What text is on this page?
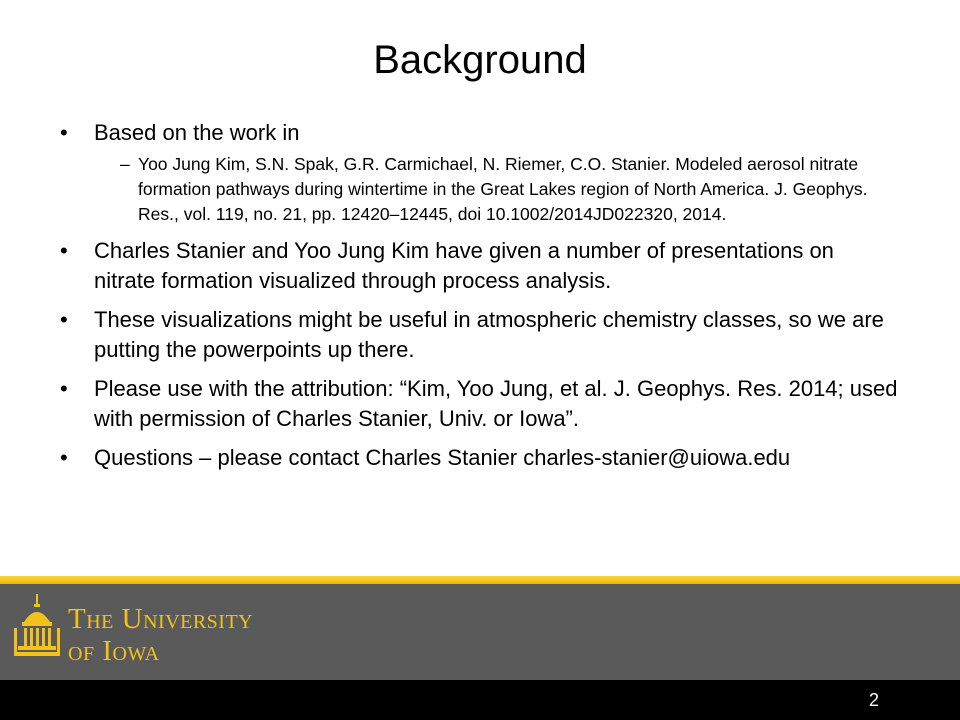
Background
•	Based on the work in
– Yoo Jung Kim, S.N. Spak, G.R. Carmichael, N. Riemer, C.O. Stanier. Modeled aerosol nitrate formation pathways during wintertime in the Great Lakes region of North America. J. Geophys. Res., vol. 119, no. 21, pp. 12420–12445, doi 10.1002/2014JD022320, 2014.
•	Charles Stanier and Yoo Jung Kim have given a number of presentations on nitrate formation visualized through process analysis.
•	These visualizations might be useful in atmospheric chemistry classes, so we are putting the powerpoints up there.
•	Please use with the attribution: “Kim, Yoo Jung, et al. J. Geophys. Res. 2014; used with permission of Charles Stanier, Univ. or Iowa”.
•	Questions – please contact Charles Stanier charles-stanier@uiowa.edu
The University
of Iowa
2
